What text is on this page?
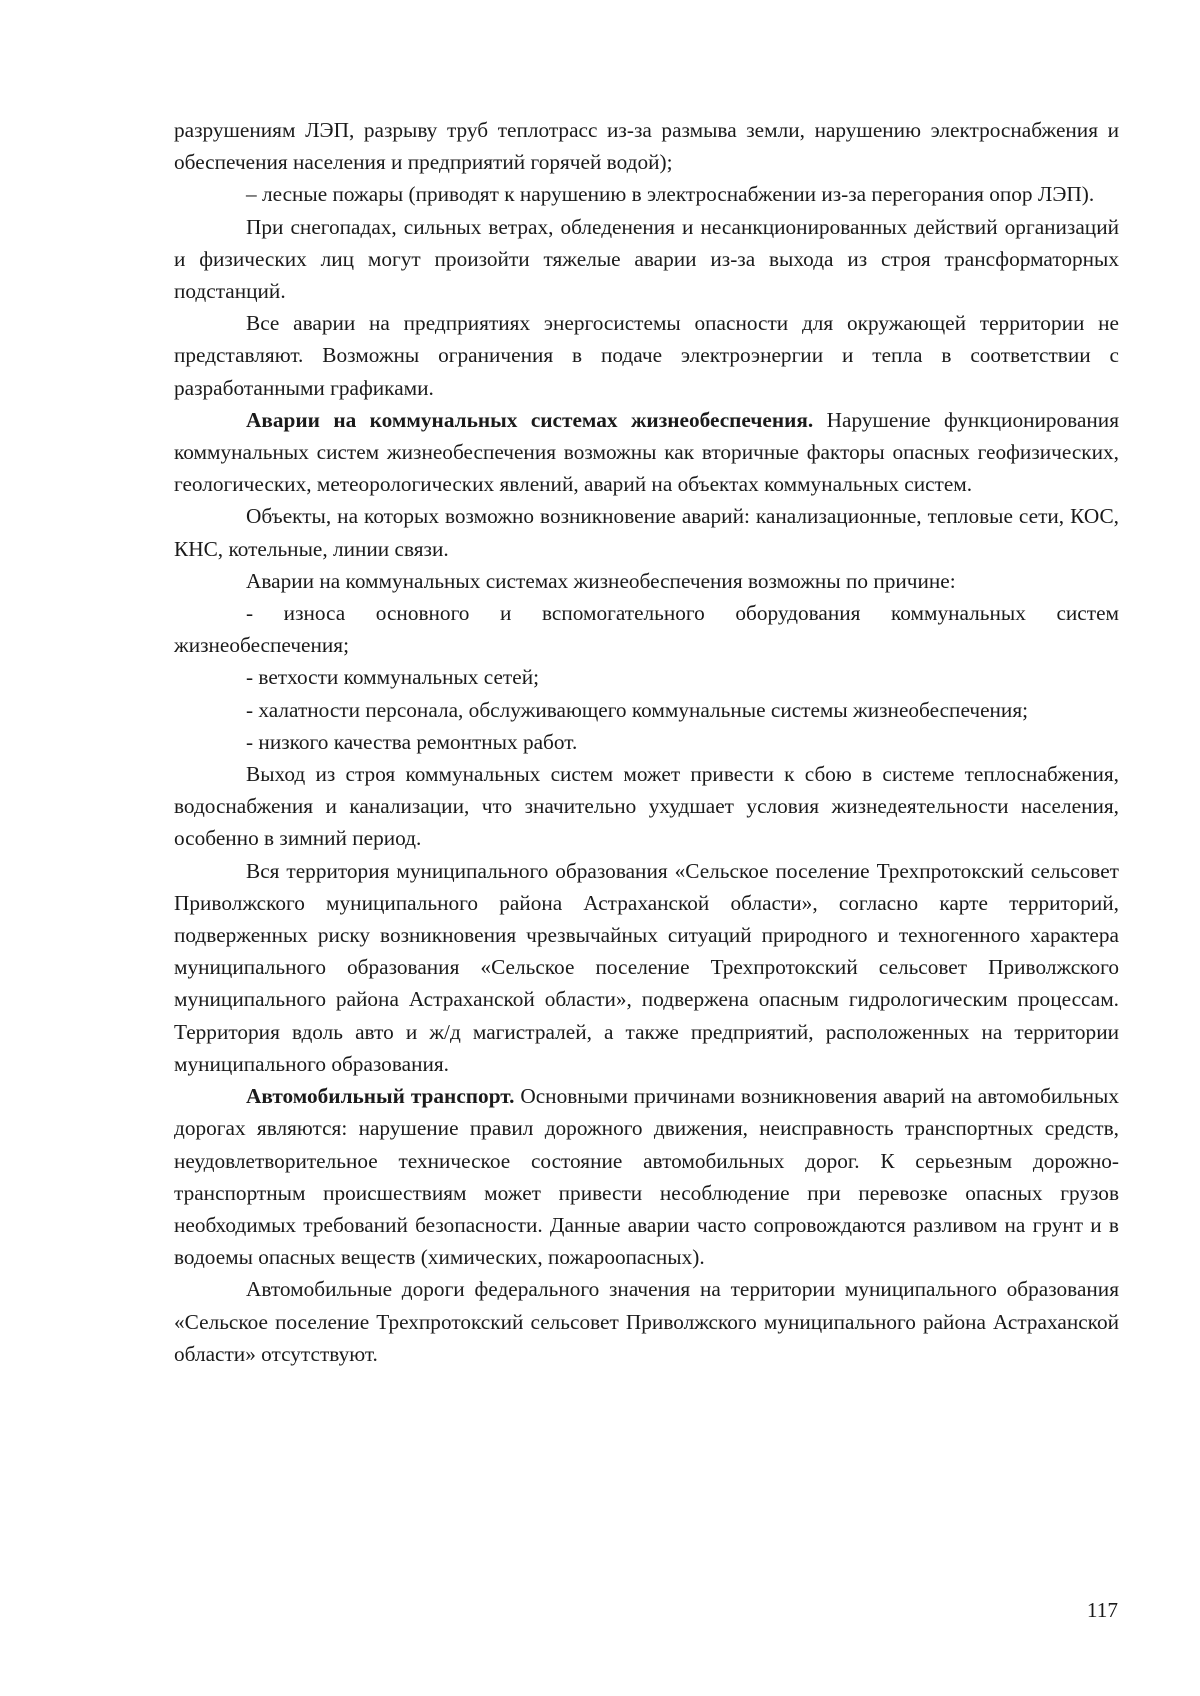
разрушениям ЛЭП, разрыву труб теплотрасс из-за размыва земли, нарушению электроснабжения и обеспечения населения и предприятий горячей водой);

– лесные пожары (приводят к нарушению в электроснабжении из-за перегорания опор ЛЭП).

При снегопадах, сильных ветрах, обледенения и несанкционированных действий организаций и физических лиц могут произойти тяжелые аварии из-за выхода из строя трансформаторных подстанций.

Все аварии на предприятиях энергосистемы опасности для окружающей территории не представляют. Возможны ограничения в подаче электроэнергии и тепла в соответствии с разработанными графиками.

Аварии на коммунальных системах жизнеобеспечения. Нарушение функционирования коммунальных систем жизнеобеспечения возможны как вторичные факторы опасных геофизических, геологических, метеорологических явлений, аварий на объектах коммунальных систем.

Объекты, на которых возможно возникновение аварий: канализационные, тепловые сети, КОС, КНС, котельные, линии связи.

Аварии на коммунальных системах жизнеобеспечения возможны по причине:

- износа основного и вспомогательного оборудования коммунальных систем жизнеобеспечения;

- ветхости коммунальных сетей;

- халатности персонала, обслуживающего коммунальные системы жизнеобеспечения;

- низкого качества ремонтных работ.

Выход из строя коммунальных систем может привести к сбою в системе теплоснабжения, водоснабжения и канализации, что значительно ухудшает условия жизнедеятельности населения, особенно в зимний период.

Вся территория муниципального образования «Сельское поселение Трехпротокский сельсовет Приволжского муниципального района Астраханской области», согласно карте территорий, подверженных риску возникновения чрезвычайных ситуаций природного и техногенного характера муниципального образования «Сельское поселение Трехпротокский сельсовет Приволжского муниципального района Астраханской области», подвержена опасным гидрологическим процессам. Территория вдоль авто и ж/д магистралей, а также предприятий, расположенных на территории муниципального образования.

Автомобильный транспорт. Основными причинами возникновения аварий на автомобильных дорогах являются: нарушение правил дорожного движения, неисправность транспортных средств, неудовлетворительное техническое состояние автомобильных дорог. К серьезным дорожно-транспортным происшествиям может привести несоблюдение при перевозке опасных грузов необходимых требований безопасности. Данные аварии часто сопровождаются разливом на грунт и в водоемы опасных веществ (химических, пожароопасных).

Автомобильные дороги федерального значения на территории муниципального образования «Сельское поселение Трехпротокский сельсовет Приволжского муниципального района Астраханской области» отсутствуют.

117
